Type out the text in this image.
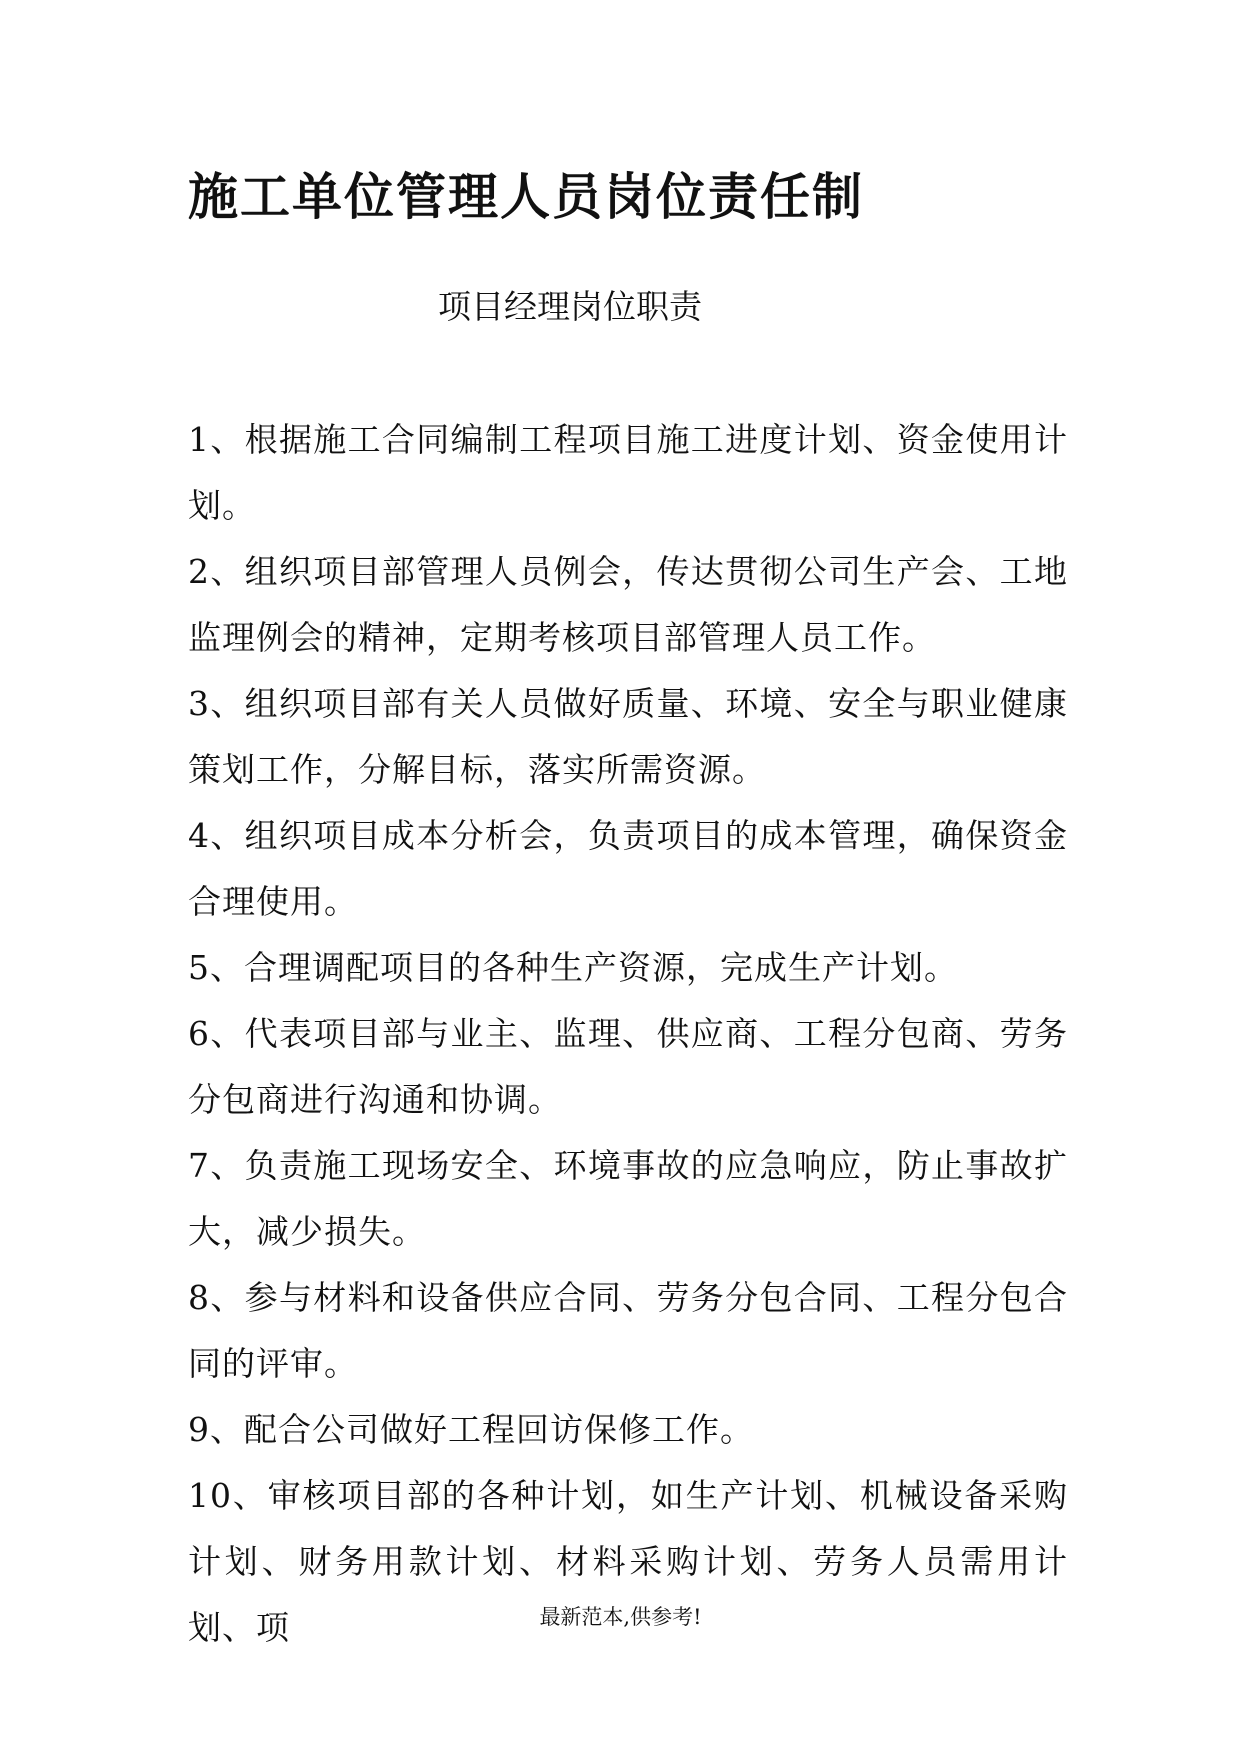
施工单位管理人员岗位责任制
项目经理岗位职责

1、根据施工合同编制工程项目施工进度计划、资金使用计划。

2、组织项目部管理人员例会，传达贯彻公司生产会、工地监理例会的精神，定期考核项目部管理人员工作。

3、组织项目部有关人员做好质量、环境、安全与职业健康策划工作，分解目标，落实所需资源。

4、组织项目成本分析会，负责项目的成本管理，确保资金合理使用。

5、合理调配项目的各种生产资源，完成生产计划。

6、代表项目部与业主、监理、供应商、工程分包商、劳务分包商进行沟通和协调。

7、负责施工现场安全、环境事故的应急响应，防止事故扩大，减少损失。

8、参与材料和设备供应合同、劳务分包合同、工程分包合同的评审。

9、配合公司做好工程回访保修工作。

10、审核项目部的各种计划，如生产计划、机械设备采购计划、财务用款计划、材料采购计划、劳务人员需用计划、项	最新范本,供参考!
